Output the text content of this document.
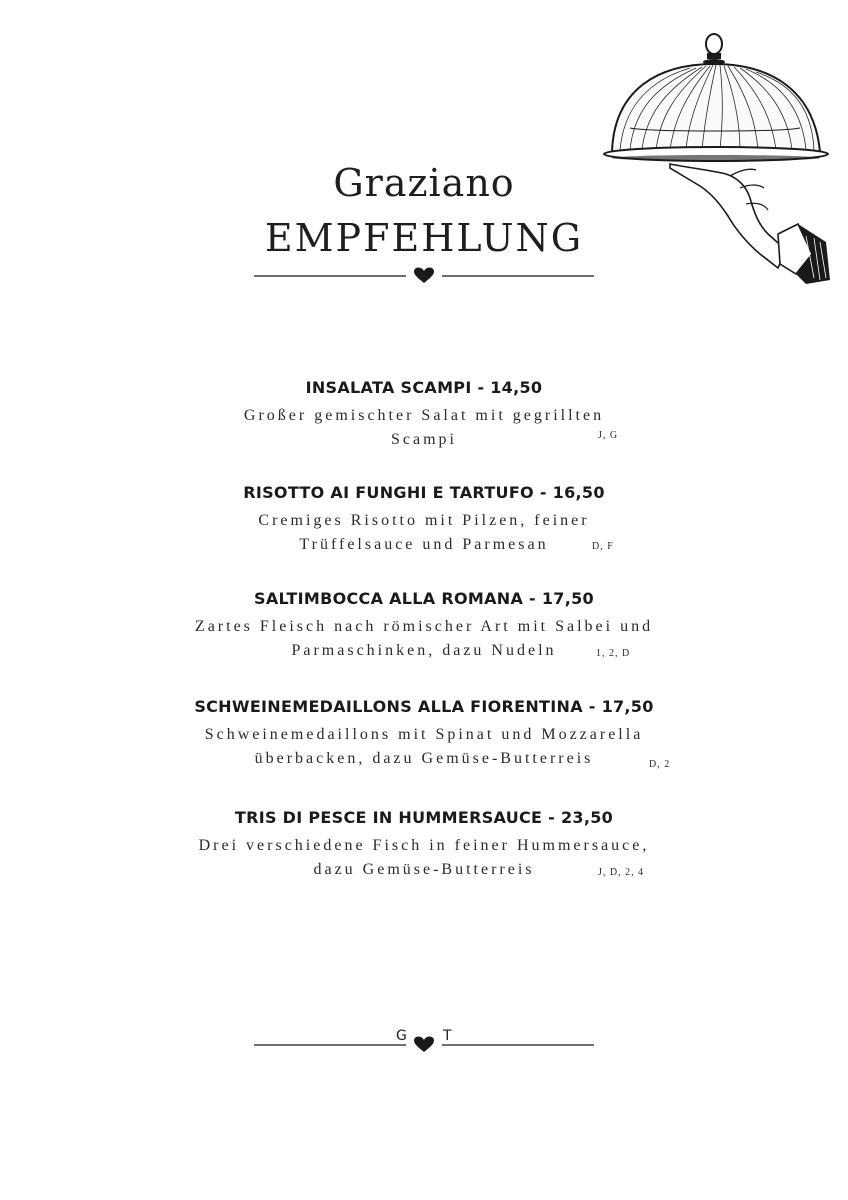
Graziano
EMPFEHLUNG
INSALATA SCAMPI - 14,50
Großer gemischter Salat mit gegrillten
Scampi	J, G
RISOTTO AI FUNGHI E TARTUFO - 16,50
Cremiges Risotto mit Pilzen, feiner
Trüffelsauce und Parmesan	D, F
SALTIMBOCCA ALLA ROMANA - 17,50
Zartes Fleisch nach römischer Art mit Salbei und
Parmaschinken, dazu Nudeln	1, 2, D
SCHWEINEMEDAILLONS ALLA FIORENTINA - 17,50
Schweinemedaillons mit Spinat und Mozzarella
überbacken, dazu Gemüse-Butterreis	D, 2
TRIS DI PESCE IN HUMMERSAUCE - 23,50
Drei verschiedene Fisch in feiner Hummersauce,
dazu Gemüse-Butterreis	J, D, 2, 4
G	T
